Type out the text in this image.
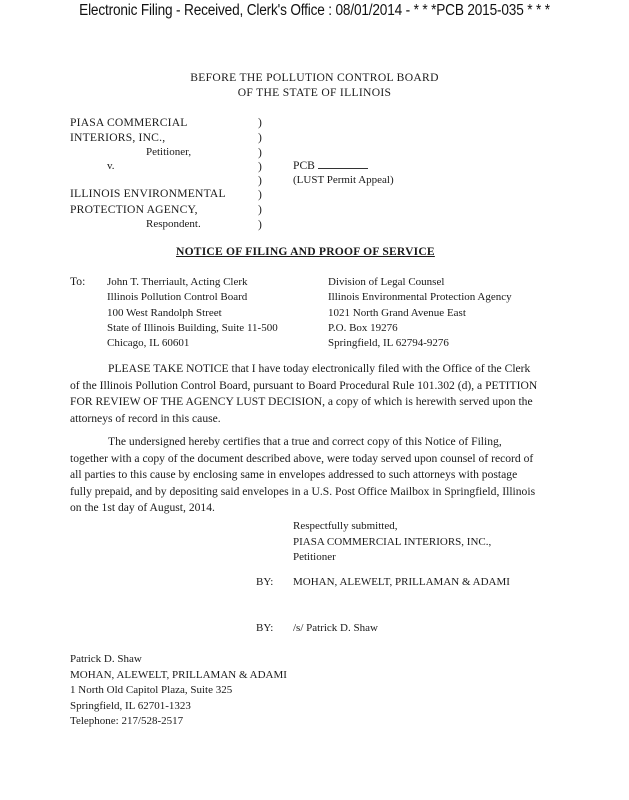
Electronic Filing - Received, Clerk's Office : 08/01/2014 - * * *PCB 2015-035 * * *
BEFORE THE POLLUTION CONTROL BOARD
OF THE STATE OF ILLINOIS
PIASA COMMERCIAL
INTERIORS, INC.,
Petitioner,
v.
ILLINOIS ENVIRONMENTAL
PROTECTION AGENCY,
Respondent.
)
)
)
)
)
)
)
)
PCB
(LUST Permit Appeal)
NOTICE OF FILING AND PROOF OF SERVICE
To: John T. Therriault, Acting Clerk
Illinois Pollution Control Board
100 West Randolph Street
State of Illinois Building, Suite 11-500
Chicago, IL 60601
Division of Legal Counsel
Illinois Environmental Protection Agency
1021 North Grand Avenue East
P.O. Box 19276
Springfield, IL 62794-9276

PLEASE TAKE NOTICE that I have today electronically filed with the Office of the Clerk of the Illinois Pollution Control Board, pursuant to Board Procedural Rule 101.302 (d), a PETITION FOR REVIEW OF THE AGENCY LUST DECISION, a copy of which is herewith served upon the attorneys of record in this cause.

The undersigned hereby certifies that a true and correct copy of this Notice of Filing, together with a copy of the document described above, were today served upon counsel of record of all parties to this cause by enclosing same in envelopes addressed to such attorneys with postage fully prepaid, and by depositing said envelopes in a U.S. Post Office Mailbox in Springfield, Illinois on the 1st day of August, 2014.

Respectfully submitted,
PIASA COMMERCIAL INTERIORS, INC.,
Petitioner
BY: MOHAN, ALEWELT, PRILLAMAN & ADAMI
BY: /s/ Patrick D. Shaw
Patrick D. Shaw
MOHAN, ALEWELT, PRILLAMAN & ADAMI
1 North Old Capitol Plaza, Suite 325
Springfield, IL 62701-1323
Telephone: 217/528-2517
